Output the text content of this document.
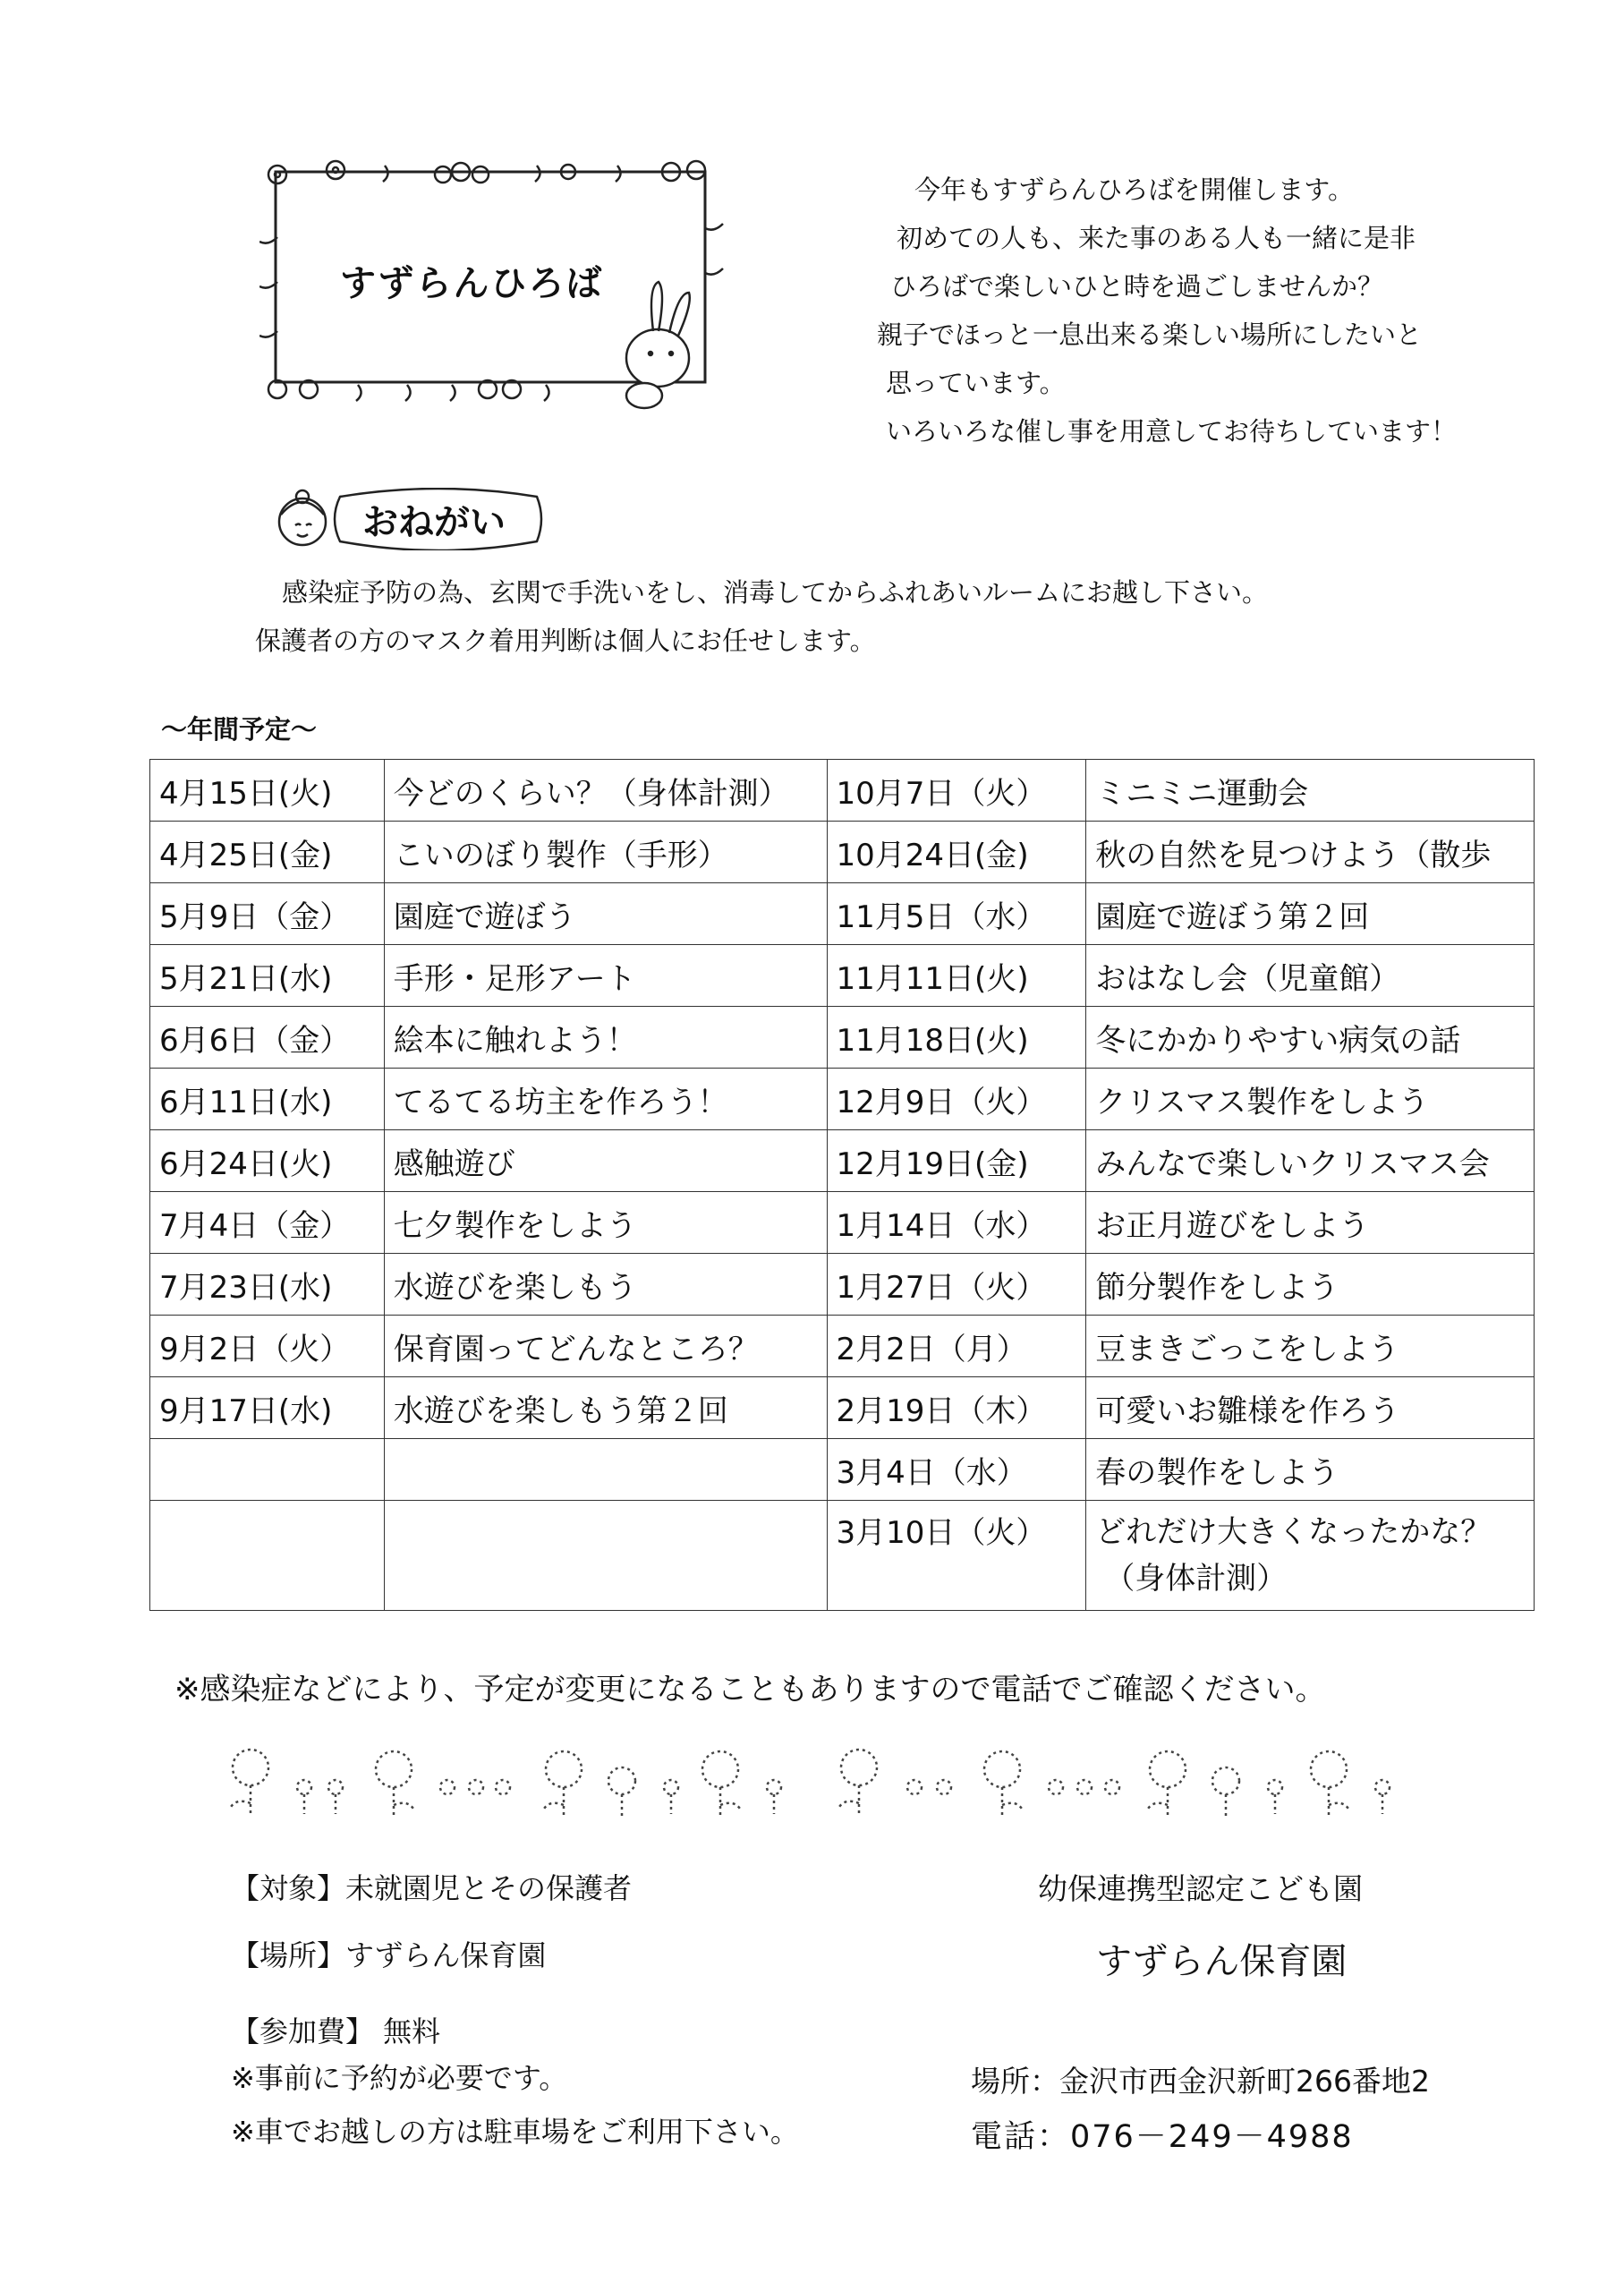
すずらんひろば
今年もすずらんひろばを開催します。
初めての人も、来た事のある人も一緒に是非
ひろばで楽しいひと時を過ごしませんか？
親子でほっと一息出来る楽しい場所にしたいと
思っています。
いろいろな催し事を用意してお待ちしています！
おねがい
感染症予防の為、玄関で手洗いをし、消毒してからふれあいルームにお越し下さい。
保護者の方のマスク着用判断は個人にお任せします。
～年間予定～
4月15日(火)	今どのくらい？（身体計測）	10月7日（火）	ミニミニ運動会
4月25日(金)	こいのぼり製作（手形）	10月24日(金)	秋の自然を見つけよう（散歩
5月9日（金）	園庭で遊ぼう	11月5日（水）	園庭で遊ぼう第２回
5月21日(水)	手形・足形アート	11月11日(火)	おはなし会（児童館）
6月6日（金）	絵本に触れよう！	11月18日(火)	冬にかかりやすい病気の話
6月11日(水)	てるてる坊主を作ろう！	12月9日（火）	クリスマス製作をしよう
6月24日(火)	感触遊び	12月19日(金)	みんなで楽しいクリスマス会
7月4日（金）	七夕製作をしよう	1月14日（水）	お正月遊びをしよう
7月23日(水)	水遊びを楽しもう	1月27日（火）	節分製作をしよう
9月2日（火）	保育園ってどんなところ？	2月2日（月）	豆まきごっこをしよう
9月17日(水)	水遊びを楽しもう第２回	2月19日（木）	可愛いお雛様を作ろう
		3月4日（水）	春の製作をしよう
		3月10日（火）	どれだけ大きくなったかな？
（身体計測）
※感染症などにより、予定が変更になることもありますので電話でご確認ください。
【対象】未就園児とその保護者
【場所】すずらん保育園
【参加費】 無料
※事前に予約が必要です。
※車でお越しの方は駐車場をご利用下さい。
幼保連携型認定こども園
すずらん保育園
場所：金沢市西金沢新町266番地2
電話：076－249－4988
